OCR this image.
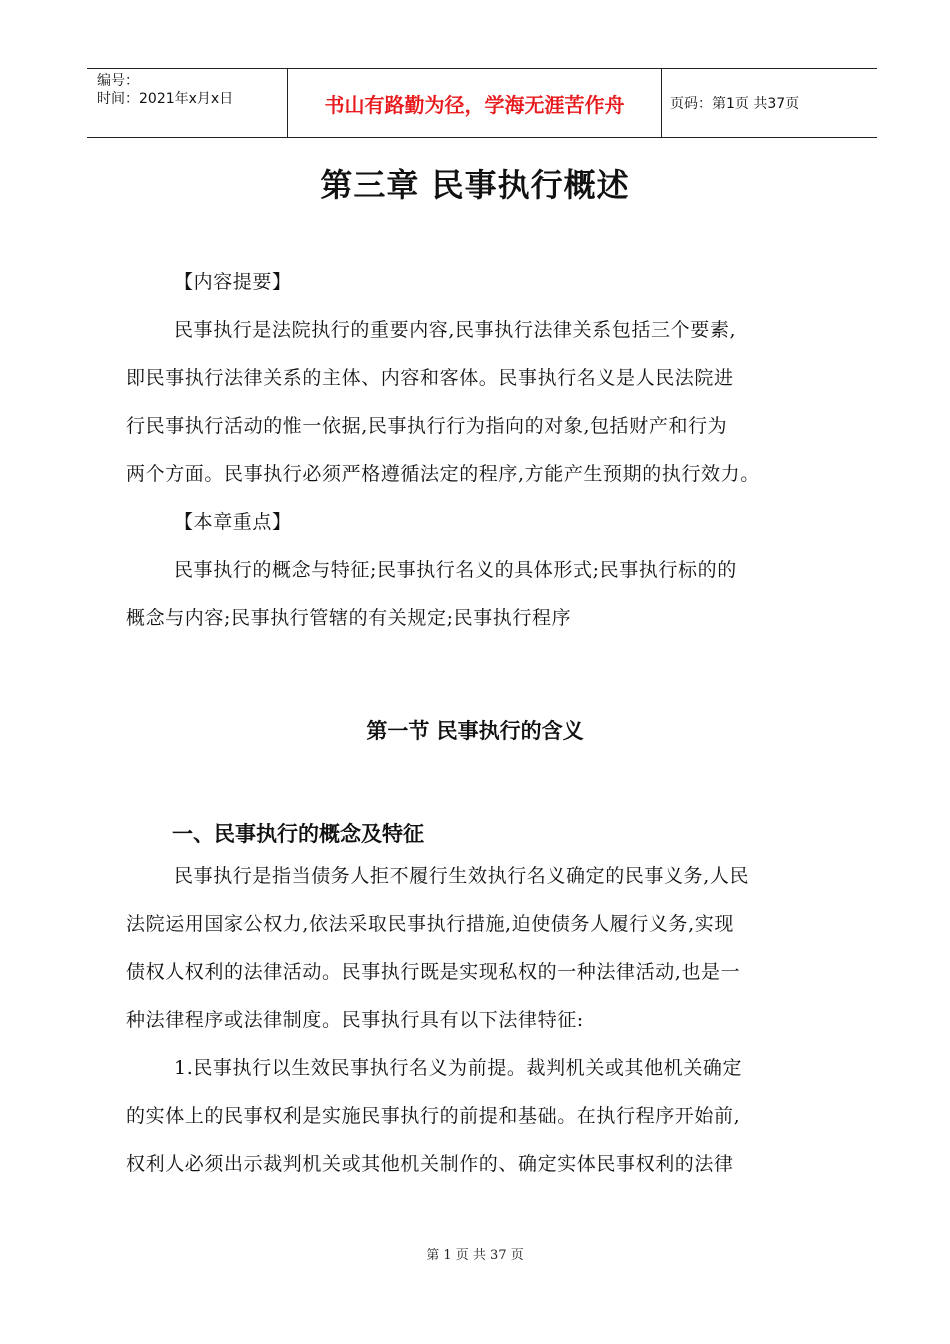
编号：
时间：2021年x月x日	书山有路勤为径，学海无涯苦作舟	页码：第1页 共37页
第三章 民事执行概述
【内容提要】
民事执行是法院执行的重要内容,民事执行法律关系包括三个要素,
即民事执行法律关系的主体、内容和客体。民事执行名义是人民法院进
行民事执行活动的惟一依据,民事执行行为指向的对象,包括财产和行为
两个方面。民事执行必须严格遵循法定的程序,方能产生预期的执行效力。
【本章重点】
民事执行的概念与特征;民事执行名义的具体形式;民事执行标的的
概念与内容;民事执行管辖的有关规定;民事执行程序
第一节 民事执行的含义
一、民事执行的概念及特征
民事执行是指当债务人拒不履行生效执行名义确定的民事义务,人民
法院运用国家公权力,依法采取民事执行措施,迫使债务人履行义务,实现
债权人权利的法律活动。民事执行既是实现私权的一种法律活动,也是一
种法律程序或法律制度。民事执行具有以下法律特征:
1.民事执行以生效民事执行名义为前提。裁判机关或其他机关确定
的实体上的民事权利是实施民事执行的前提和基础。在执行程序开始前,
权利人必须出示裁判机关或其他机关制作的、确定实体民事权利的法律
第 1 页 共 37 页
